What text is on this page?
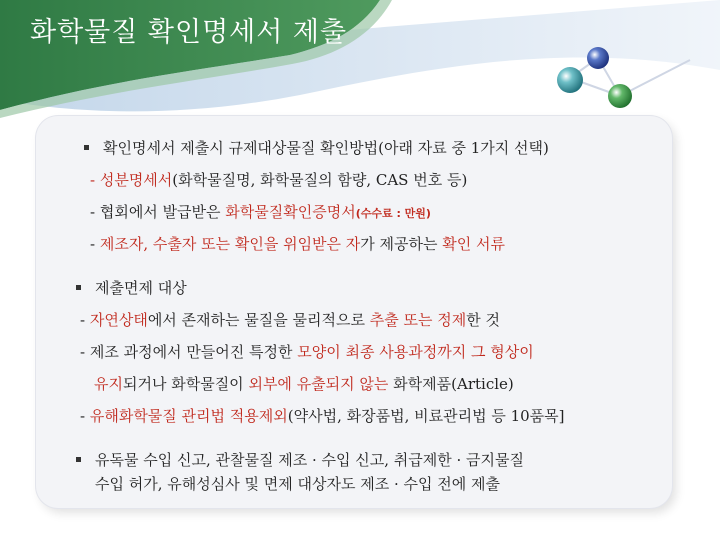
화학물질 확인명세서 제출
확인명세서 제출시 규제대상물질 확인방법(아래 자료 중 1가지 선택)
- 성분명세서(화학물질명, 화학물질의 함량, CAS 번호 등)
- 협회에서 발급받은 화학물질확인증명서(수수료 : 만원)
- 제조자, 수출자 또는 확인을 위임받은 자가 제공하는 확인 서류
제출면제 대상
- 자연상태에서 존재하는 물질을 물리적으로 추출 또는 정제한 것
- 제조 과정에서 만들어진 특정한 모양이 최종 사용과정까지 그 형상이
유지되거나 화학물질이 외부에 유출되지 않는 화학제품(Article)
- 유해화학물질 관리법 적용제외(약사법, 화장품법, 비료관리법 등 10품목]
유독물 수입 신고, 관찰물질 제조 · 수입 신고, 취급제한 · 금지물질
수입 허가, 유해성심사 및 면제 대상자도 제조 · 수입 전에 제출
